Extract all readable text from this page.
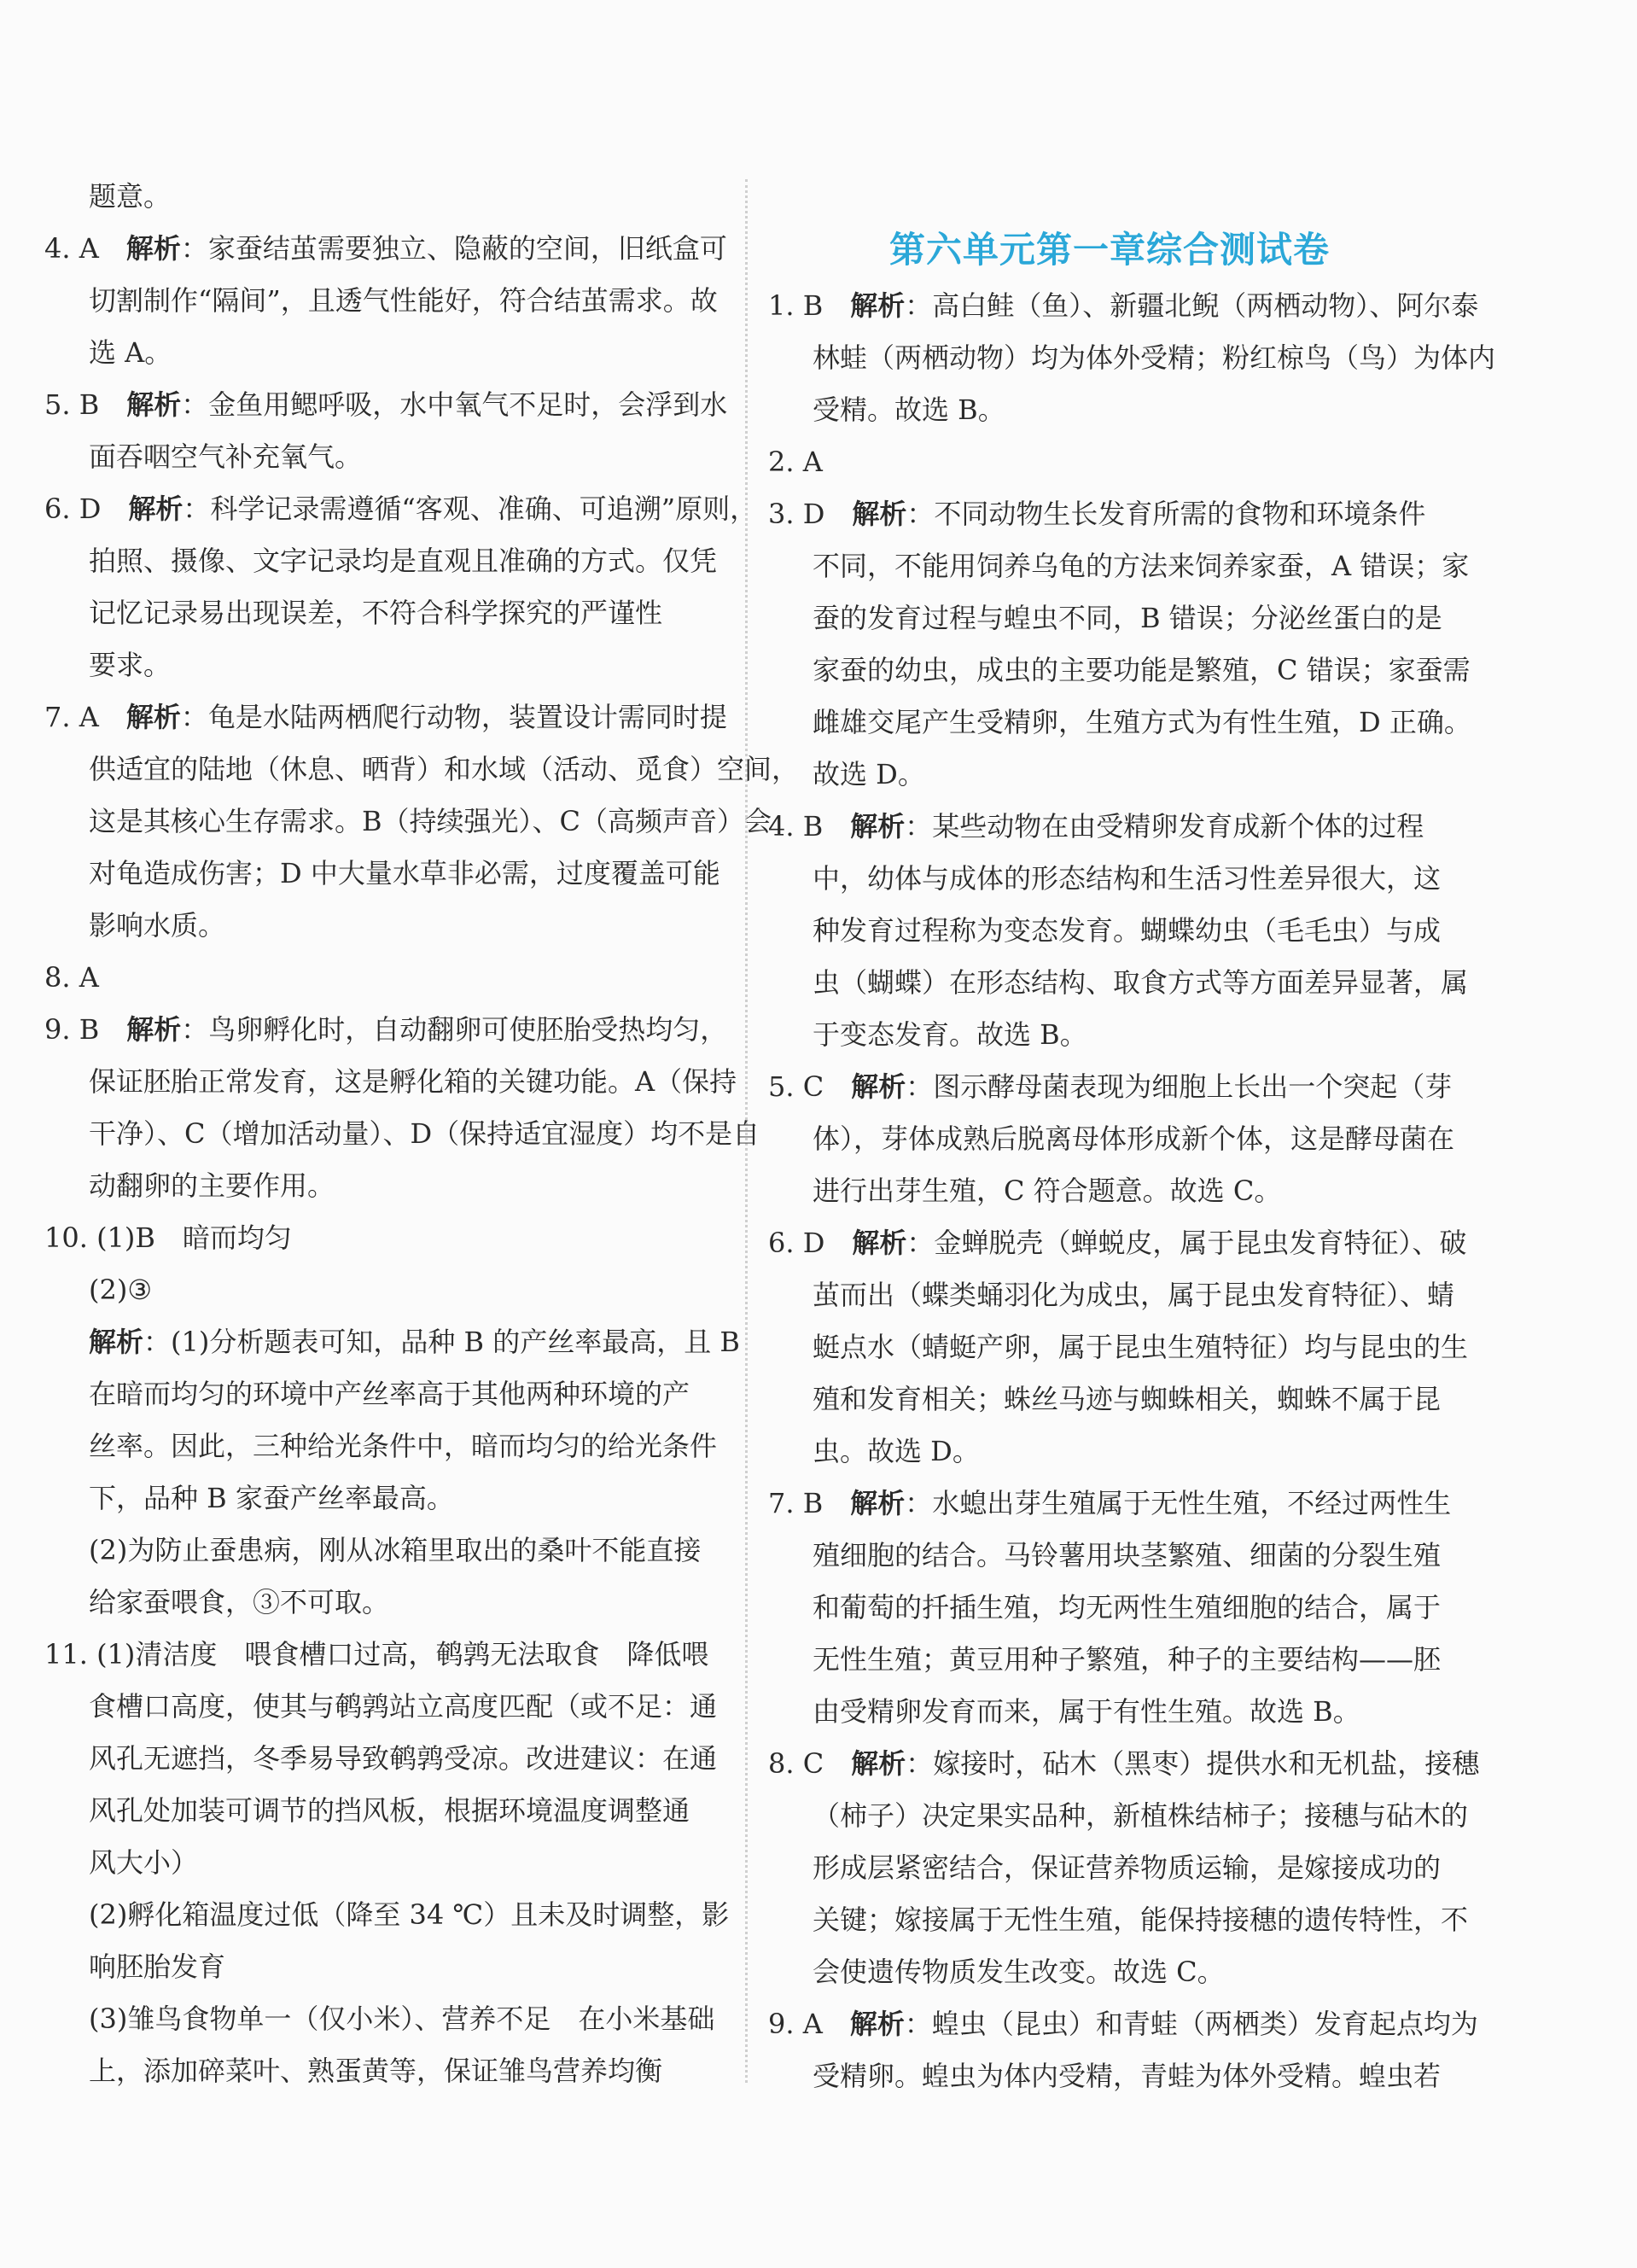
题意。
4. A　 解析：家蚕结茧需要独立、隐蔽的空间，旧纸盒可
切割制作“隔间”，且透气性能好，符合结茧需求。故
选 A。
5. B　 解析：金鱼用鳃呼吸，水中氧气不足时，会浮到水
面吞咽空气补充氧气。
6. D　 解析：科学记录需遵循“客观、准确、可追溯”原则，
拍照、摄像、文字记录均是直观且准确的方式。仅凭
记忆记录易出现误差，不符合科学探究的严谨性
要求。
7. A　 解析：龟是水陆两栖爬行动物，装置设计需同时提
供适宜的陆地（休息、晒背）和水域（活动、觅食）空间，
这是其核心生存需求。B（持续强光）、C（高频声音）会
对龟造成伤害；D 中大量水草非必需，过度覆盖可能
影响水质。
8. A
9. B　 解析：鸟卵孵化时，自动翻卵可使胚胎受热均匀，
保证胚胎正常发育，这是孵化箱的关键功能。A（保持
干净）、C（增加活动量）、D（保持适宜湿度）均不是自
动翻卵的主要作用。
10. (1)B　暗而均匀
(2)③
解析：(1)分析题表可知，品种 B 的产丝率最高，且 B
在暗而均匀的环境中产丝率高于其他两种环境的产
丝率。因此，三种给光条件中，暗而均匀的给光条件
下，品种 B 家蚕产丝率最高。
(2)为防止蚕患病，刚从冰箱里取出的桑叶不能直接
给家蚕喂食，③不可取。
11. (1)清洁度　喂食槽口过高，鹌鹑无法取食　降低喂
食槽口高度，使其与鹌鹑站立高度匹配（或不足：通
风孔无遮挡，冬季易导致鹌鹑受凉。改进建议：在通
风孔处加装可调节的挡风板，根据环境温度调整通
风大小）
(2)孵化箱温度过低（降至 34 ℃）且未及时调整，影
响胚胎发育
(3)雏鸟食物单一（仅小米）、营养不足　在小米基础
上，添加碎菜叶、熟蛋黄等，保证雏鸟营养均衡
第六单元第一章综合测试卷
1. B　 解析：高白鲑（鱼）、新疆北鲵（两栖动物）、阿尔泰
林蛙（两栖动物）均为体外受精；粉红椋鸟（鸟）为体内
受精。故选 B。
2. A
3. D　 解析：不同动物生长发育所需的食物和环境条件
不同，不能用饲养乌龟的方法来饲养家蚕，A 错误；家
蚕的发育过程与蝗虫不同，B 错误；分泌丝蛋白的是
家蚕的幼虫，成虫的主要功能是繁殖，C 错误；家蚕需
雌雄交尾产生受精卵，生殖方式为有性生殖，D 正确。
故选 D。
4. B　 解析：某些动物在由受精卵发育成新个体的过程
中，幼体与成体的形态结构和生活习性差异很大，这
种发育过程称为变态发育。蝴蝶幼虫（毛毛虫）与成
虫（蝴蝶）在形态结构、取食方式等方面差异显著，属
于变态发育。故选 B。
5. C　 解析：图示酵母菌表现为细胞上长出一个突起（芽
体），芽体成熟后脱离母体形成新个体，这是酵母菌在
进行出芽生殖，C 符合题意。故选 C。
6. D　 解析：金蝉脱壳（蝉蜕皮，属于昆虫发育特征）、破
茧而出（蝶类蛹羽化为成虫，属于昆虫发育特征）、蜻
蜓点水（蜻蜓产卵，属于昆虫生殖特征）均与昆虫的生
殖和发育相关；蛛丝马迹与蜘蛛相关，蜘蛛不属于昆
虫。故选 D。
7. B　 解析：水螅出芽生殖属于无性生殖，不经过两性生
殖细胞的结合。马铃薯用块茎繁殖、细菌的分裂生殖
和葡萄的扦插生殖，均无两性生殖细胞的结合，属于
无性生殖；黄豆用种子繁殖，种子的主要结构——胚
由受精卵发育而来，属于有性生殖。故选 B。
8. C　 解析：嫁接时，砧木（黑枣）提供水和无机盐，接穗
（柿子）决定果实品种，新植株结柿子；接穗与砧木的
形成层紧密结合，保证营养物质运输，是嫁接成功的
关键；嫁接属于无性生殖，能保持接穗的遗传特性，不
会使遗传物质发生改变。故选 C。
9. A　 解析：蝗虫（昆虫）和青蛙（两栖类）发育起点均为
受精卵。蝗虫为体内受精，青蛙为体外受精。蝗虫若
